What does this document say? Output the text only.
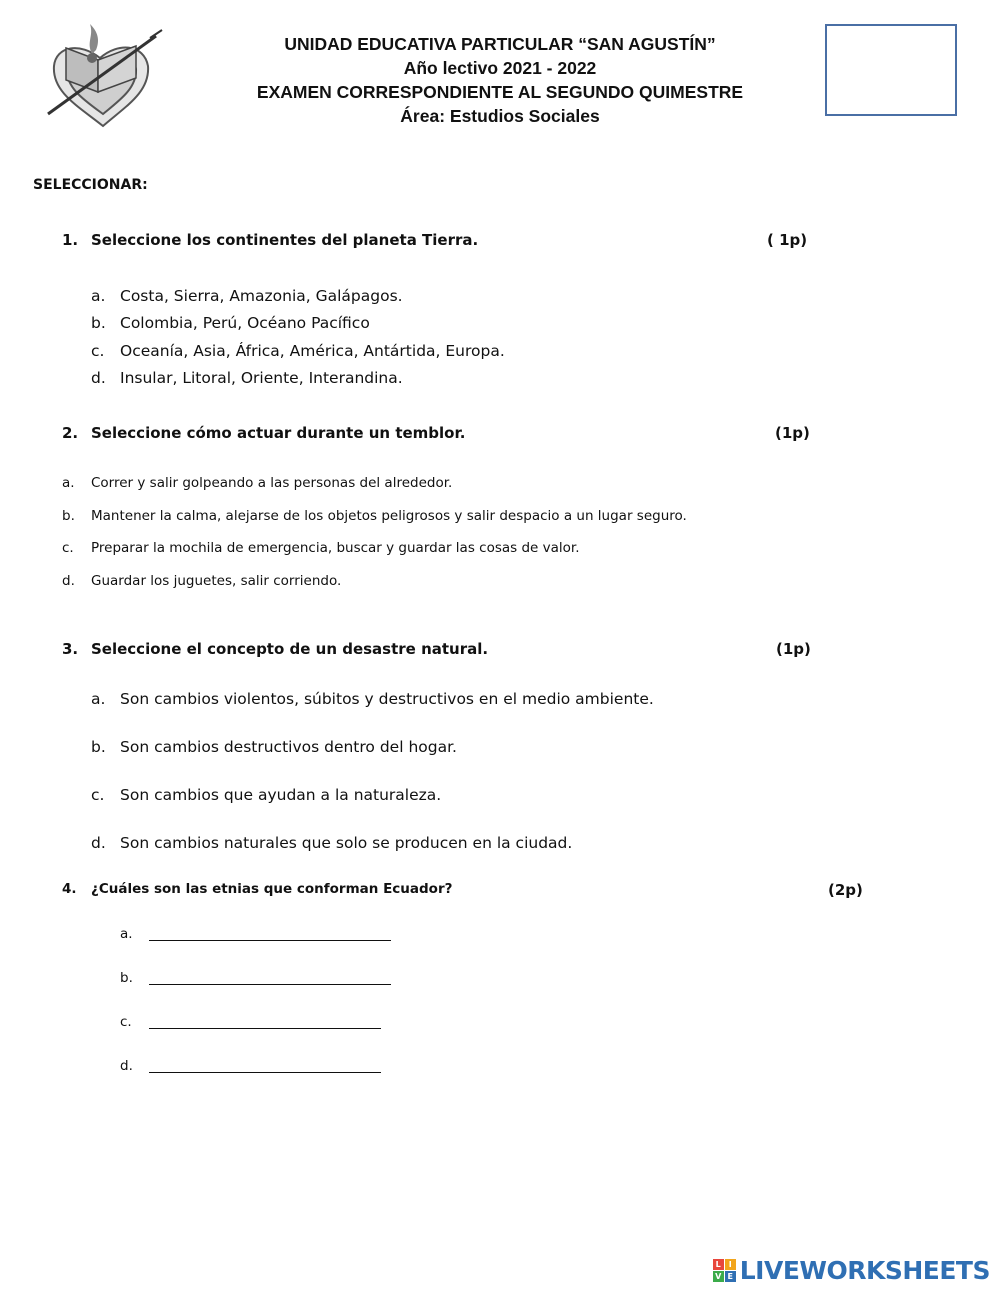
UNIDAD EDUCATIVA PARTICULAR “SAN AGUSTÍN”
Año lectivo 2021 - 2022
EXAMEN CORRESPONDIENTE AL SEGUNDO QUIMESTRE
Área: Estudios Sociales
SELECCIONAR:
1. Seleccione los continentes del planeta Tierra.	( 1p)
a. Costa, Sierra, Amazonia, Galápagos.
b. Colombia, Perú, Océano Pacífico
c. Oceanía, Asia, África, América, Antártida, Europa.
d. Insular, Litoral, Oriente, Interandina.
2. Seleccione cómo actuar durante un temblor.	(1p)
a. Correr y salir golpeando a las personas del alrededor.
b. Mantener la calma, alejarse de los objetos peligrosos y salir despacio a un lugar seguro.
c. Preparar la mochila de emergencia, buscar y guardar las cosas de valor.
d. Guardar los juguetes, salir corriendo.
3. Seleccione el concepto de un desastre natural.	(1p)
a. Son cambios violentos, súbitos y destructivos en el medio ambiente.
b. Son cambios destructivos dentro del hogar.
c. Son cambios que ayudan a la naturaleza.
d. Son cambios naturales que solo se producen en la ciudad.
4. ¿Cuáles son las etnias que conforman Ecuador?	(2p)
a.
b.
c.
d.
L I
V E LIVEWORKSHEETS
